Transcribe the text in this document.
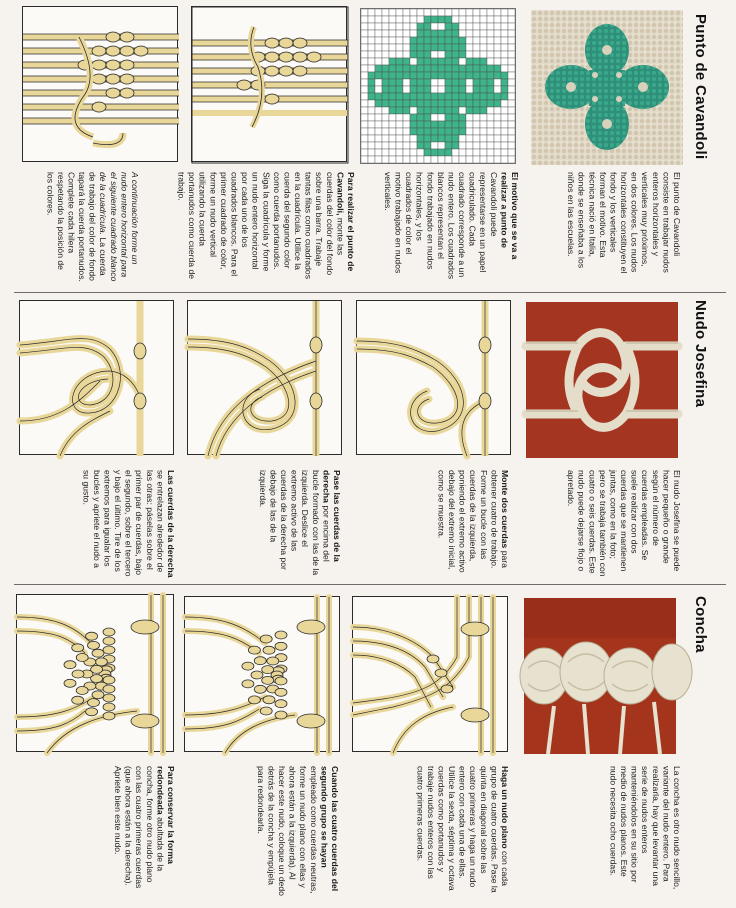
Punto de Cavandoli
El punto de Cavandoli consiste en trabajar nudos enteros horizontales y verticales muy próximos, en dos colores. Los nudos horizontales constituyen el fondo y los verticales forman el motivo. Esta técnica nació en Italia, donde se enseñaba a los niños en las escuelas.
El motivo que se va a realizar a punto de Cavandoli puede representarse en un papel cuadriculado. Cada cuadrado corresponde a un nudo entero. Los cuadrados blancos representan el fondo trabajado en nudos horizontales, y los cuadrados de color el motivo trabajado en nudos verticales.
Para realizar el punto de Cavandoli, monte las cuerdas del color del fondo sobre una barra. Trabaje tantas filas como cuadrados en la cuadrícula. Utilice la cuerda del segundo color como cuerda portanudos. Siga la cuadrícula y forme un nudo entero horizontal por cada uno de los cuadrados blancos. Para el primer cuadrado de color, forme un nudo vertical utilizando la cuerda portanudos como cuerda de trabajo.
A continuación forme un nudo entero horizontal para el siguiente cuadrado blanco de la cuadrícula. La cuerda de trabajo del color de fondo tapará la cuerda portanudos. Complete cada hilera respetando la posición de los colores.
Nudo Josefina
El nudo Josefina se puede hacer pequeño o grande según el número de cuerdas empleadas. Se suele realizar con dos cuerdas que se mantienen juntas, como en la foto; pero se trabaja también con cuatro o seis cuerdas. Este nudo puede dejarse flojo o apretado.
Monte dos cuerdas para obtener cuatro de trabajo. Forme un bucle con las cuerdas de la izquierda, poniendo el extremo activo debajo del extremo inicial, como se muestra.
Pase las cuerdas de la derecha por encima del bucle formado con las de la izquierda. Deslice el extremo activo de las cuerdas de la derecha por debajo de las de la izquierda.
Las cuerdas de la derecha se entrelazan alrededor de las otras: páselas sobre el primer par de cuerdas, bajo el segundo, sobre el tercero y bajo el último. Tire de los extremos para igualar los bucles y apriete el nudo a su gusto.
Concha
La concha es otro nudo sencillo, variante del nudo entero. Para realizarla, hay que levantar una serie de nudos enteros manteniéndolos en su sitio por medio de nudos planos. Este nudo necesita ocho cuerdas.
Haga un nudo plano con cada grupo de cuatro cuerdas. Pase la quinta en diagonal sobre las cuatro primeras y haga un nudo entero con cada una de ellas. Utilice la sexta, séptima y octava cuerdas como portanudos y trabaje nudos enteros con las cuatro primeras cuerdas.
Cuando las cuatro cuerdas del segundo grupo se hayan empleado como cuerdas neutras, forme un nudo plano con ellas y ahora están a la izquierda). Al hacer este nudo, coloque un dedo detrás de la concha y empújela para redondearla.
Para conservar la forma redondeada abultada de la concha, forme otro nudo plano con las cuatro primeras cuerdas (que ahora están a la derecha). Apriete bien este nudo.
